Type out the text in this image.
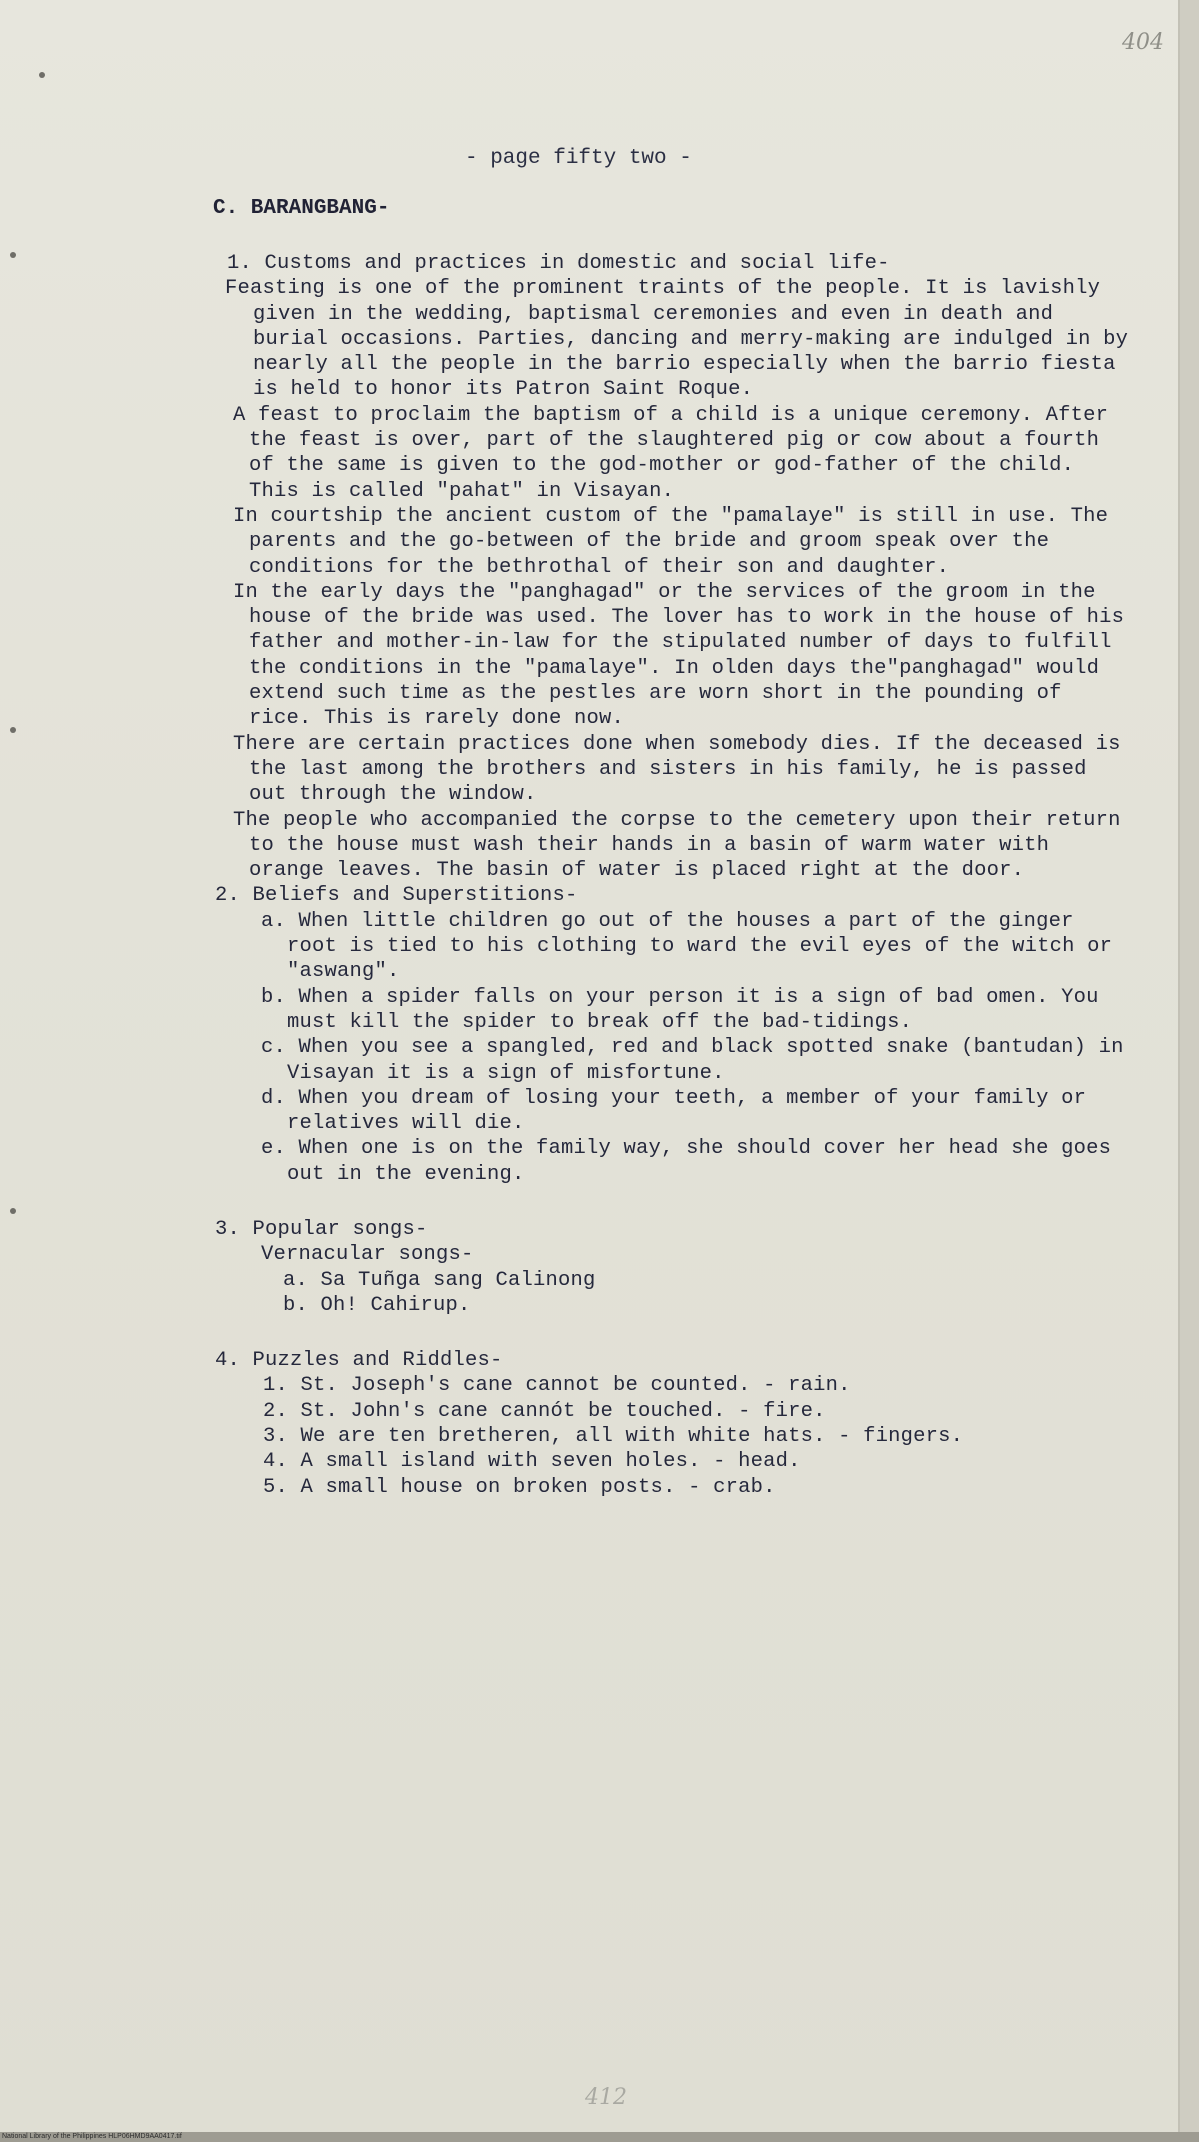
404
- page fifty two -
C. BARANGBANG-
1. Customs and practices in domestic and social life-
Feasting is one of the prominent traints of the people. It is lavishly given in the wedding, baptismal ceremonies and even in death and burial occasions. Parties, dancing and merry-making are indulged in by nearly all the people in the barrio especially when the barrio fiesta is held to honor its Patron Saint Roque.
A feast to proclaim the baptism of a child is a unique ceremony. After the feast is over, part of the slaughtered pig or cow about a fourth of the same is given to the god-mother or god-father of the child. This is called "pahat" in Visayan.
In courtship the ancient custom of the "pamalaye" is still in use. The parents and the go-between of the bride and groom speak over the conditions for the bethrothal of their son and daughter.
In the early days the "panghagad" or the services of the groom in the house of the bride was used. The lover has to work in the house of his father and mother-in-law for the stipulated number of days to fulfill the conditions in the "pamalaye". In olden days the"panghagad" would extend such time as the pestles are worn short in the pounding of rice. This is rarely done now.
There are certain practices done when somebody dies. If the deceased is the last among the brothers and sisters in his family, he is passed out through the window.
The people who accompanied the corpse to the cemetery upon their return to the house must wash their hands in a basin of warm water with orange leaves. The basin of water is placed right at the door.
2. Beliefs and Superstitions-
a. When little children go out of the houses a part of the ginger root is tied to his clothing to ward the evil eyes of the witch or "aswang".
b. When a spider falls on your person it is a sign of bad omen. You must kill the spider to break off the bad-tidings.
c. When you see a spangled, red and black spotted snake (bantudan) in Visayan it is a sign of misfortune.
d. When you dream of losing your teeth, a member of your family or relatives will die.
e. When one is on the family way, she should cover her head she goes out in the evening.
3. Popular songs-
Vernacular songs-
a. Sa Tuñga sang Calinong
b. Oh! Cahirup.
4. Puzzles and Riddles-
1. St. Joseph's cane cannot be counted. - rain.
2. St. John's cane cannót be touched. - fire.
3. We are ten bretheren, all with white hats. - fingers.
4. A small island with seven holes. - head.
5. A small house on broken posts. - crab.
412
National Library of the Philippines HLP06HMD9AA0417.tif
